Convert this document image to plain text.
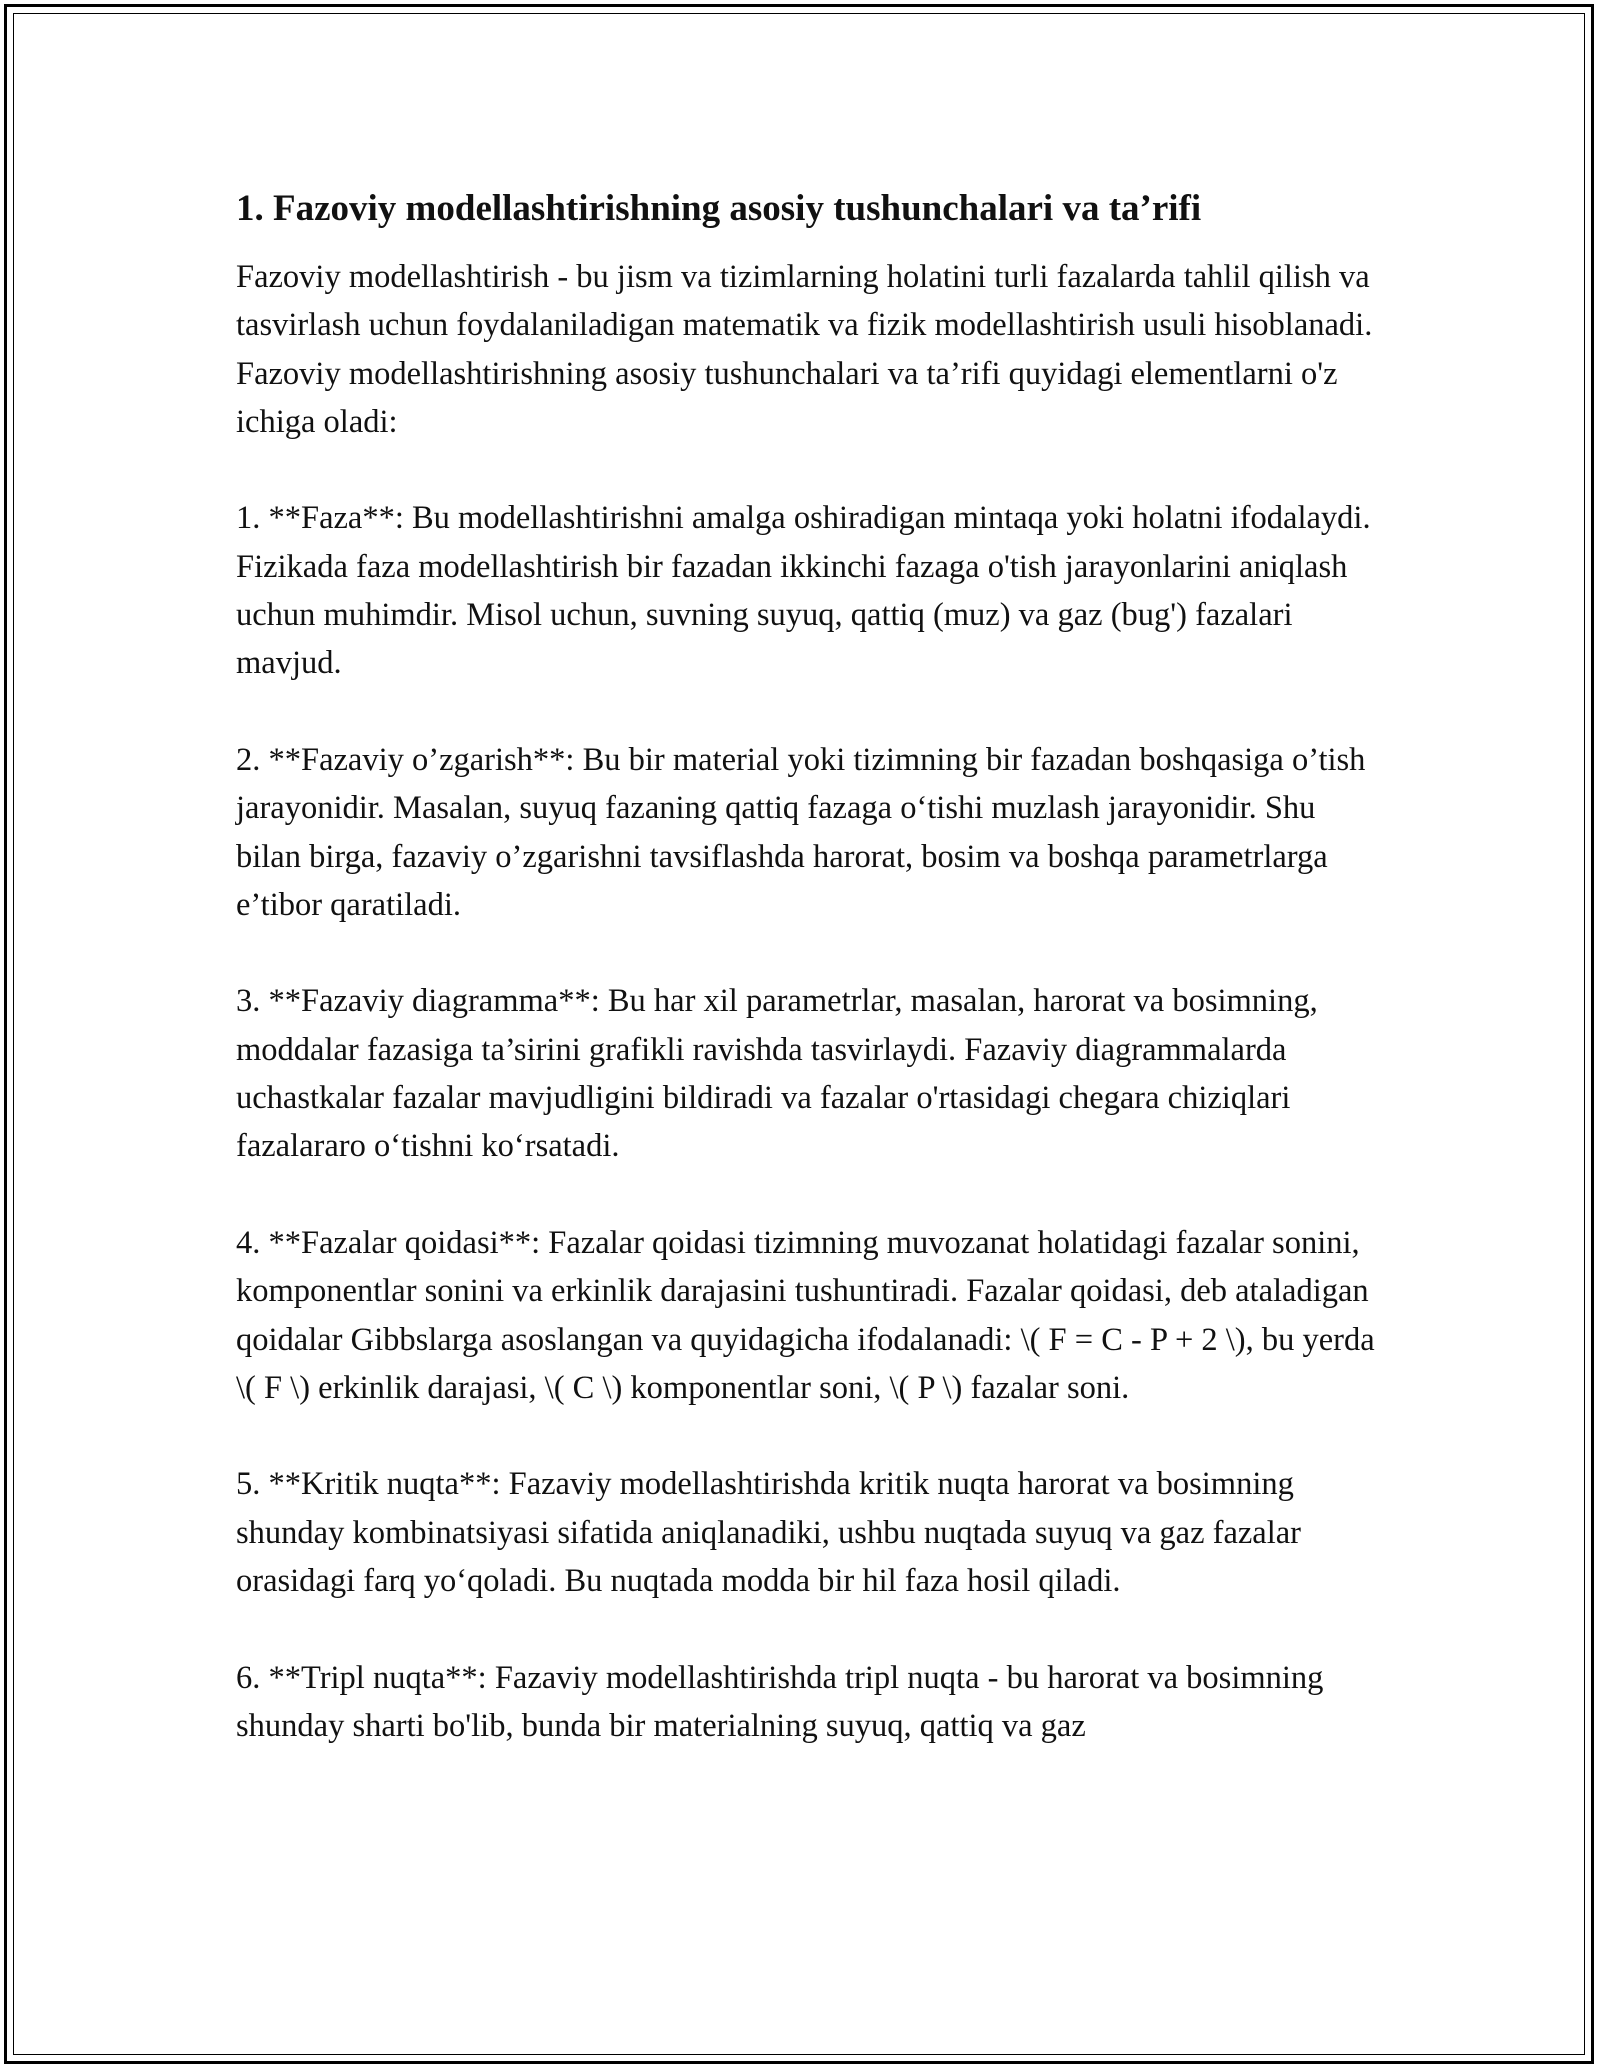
1. Fazoviy modellashtirishning asosiy tushunchalari va ta’rifi

Fazoviy modellashtirish - bu jism va tizimlarning holatini turli fazalarda tahlil qilish va tasvirlash uchun foydalaniladigan matematik va fizik modellashtirish usuli hisoblanadi. Fazoviy modellashtirishning asosiy tushunchalari va ta’rifi quyidagi elementlarni o'z ichiga oladi:

1. **Faza**: Bu modellashtirishni amalga oshiradigan mintaqa yoki holatni ifodalaydi. Fizikada faza modellashtirish bir fazadan ikkinchi fazaga o'tish jarayonlarini aniqlash uchun muhimdir. Misol uchun, suvning suyuq, qattiq (muz) va gaz (bug') fazalari mavjud.

2. **Fazaviy o’zgarish**: Bu bir material yoki tizimning bir fazadan boshqasiga o’tish jarayonidir. Masalan, suyuq fazaning qattiq fazaga o‘tishi muzlash jarayonidir. Shu bilan birga, fazaviy o’zgarishni tavsiflashda harorat, bosim va boshqa parametrlarga e’tibor qaratiladi.

3. **Fazaviy diagramma**: Bu har xil parametrlar, masalan, harorat va bosimning, moddalar fazasiga ta’sirini grafikli ravishda tasvirlaydi. Fazaviy diagrammalarda uchastkalar fazalar mavjudligini bildiradi va fazalar o'rtasidagi chegara chiziqlari fazalararo o‘tishni ko‘rsatadi.

4. **Fazalar qoidasi**: Fazalar qoidasi tizimning muvozanat holatidagi fazalar sonini, komponentlar sonini va erkinlik darajasini tushuntiradi. Fazalar qoidasi, deb ataladigan qoidalar Gibbslarga asoslangan va quyidagicha ifodalanadi: \( F = C - P + 2 \), bu yerda \( F \) erkinlik darajasi, \( C \) komponentlar soni, \( P \) fazalar soni.

5. **Kritik nuqta**: Fazaviy modellashtirishda kritik nuqta harorat va bosimning shunday kombinatsiyasi sifatida aniqlanadiki, ushbu nuqtada suyuq va gaz fazalar orasidagi farq yo‘qoladi. Bu nuqtada modda bir hil faza hosil qiladi.

6. **Tripl nuqta**: Fazaviy modellashtirishda tripl nuqta - bu harorat va bosimning shunday sharti bo'lib, bunda bir materialning suyuq, qattiq va gaz
